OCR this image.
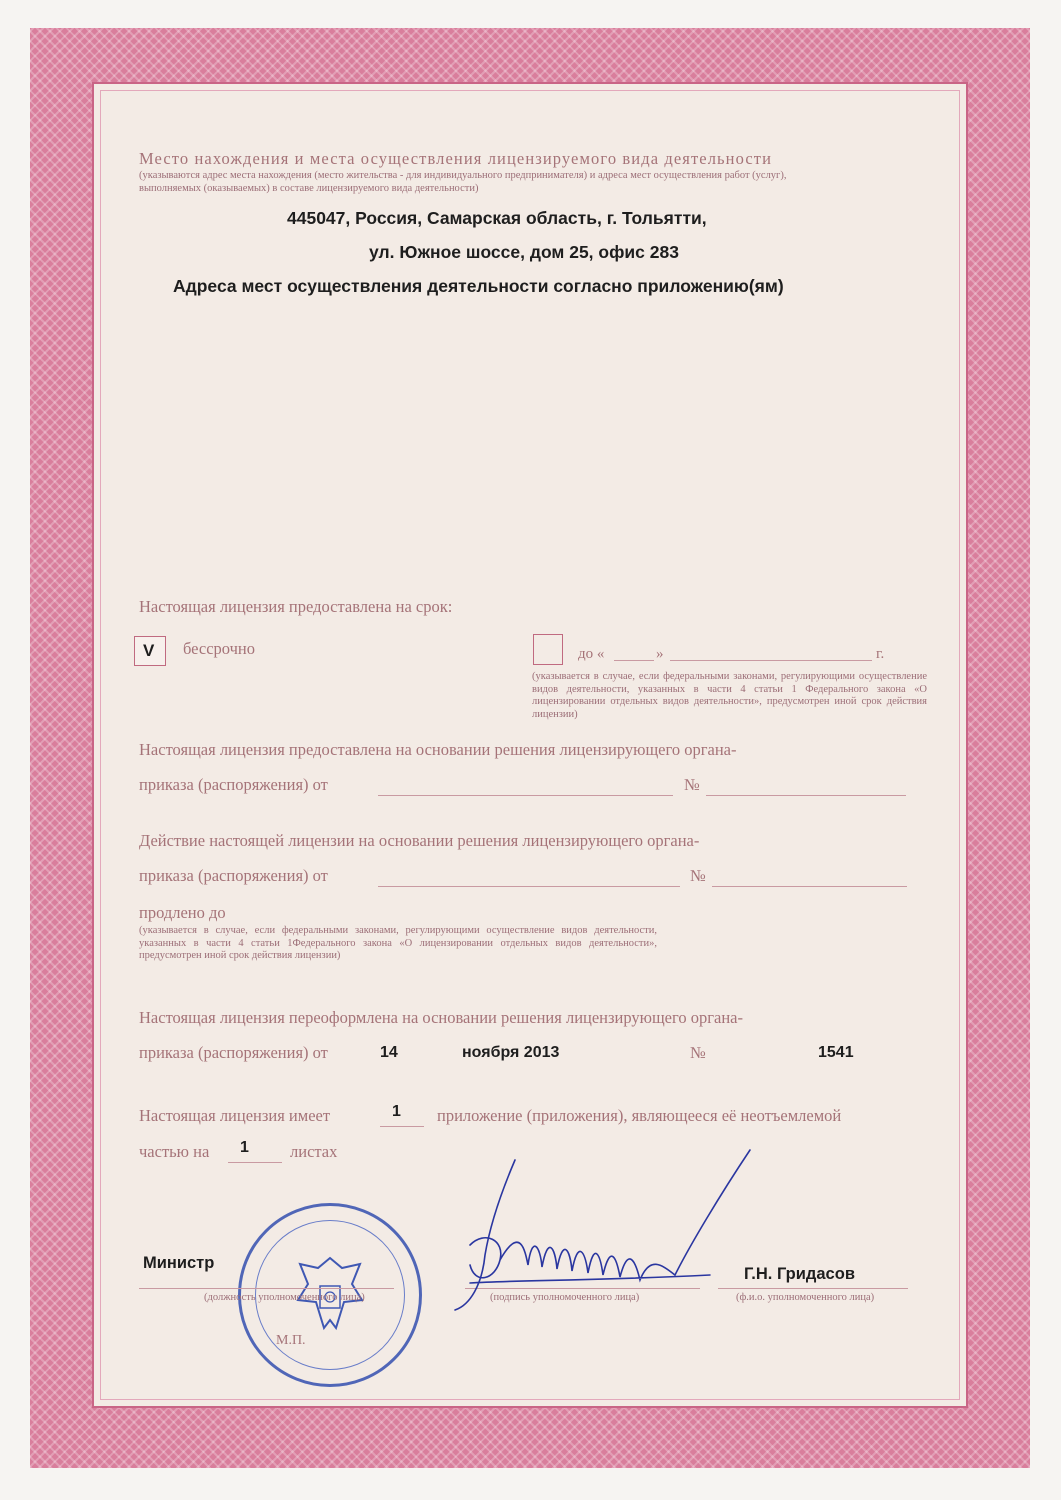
Место нахождения и места осуществления лицензируемого вида деятельности
(указываются адрес места нахождения (место жительства - для индивидуального предпринимателя) и адреса мест осуществления работ (услуг),
выполняемых (оказываемых) в составе лицензируемого вида деятельности)
445047, Россия, Самарская область, г. Тольятти,
ул. Южное шоссе, дом 25, офис 283
Адреса мест осуществления деятельности согласно приложению(ям)
Настоящая лицензия предоставлена на срок:
V бессрочно	до «	»	г.
(указывается в случае, если федеральными законами, регулирующими осуществление видов деятельности, указанных в части 4 статьи 1 Федерального закона «О лицензировании отдельных видов деятельности», предусмотрен иной срок действия лицензии)
Настоящая лицензия предоставлена на основании решения лицензирующего органа-
приказа (распоряжения) от	№
Действие настоящей лицензии на основании решения лицензирующего органа-
приказа (распоряжения) от	№
продлено до
(указывается в случае, если федеральными законами, регулирующими осуществление видов деятельности, указанных в части 4 статьи 1Федерального закона «О лицензировании отдельных видов деятельности», предусмотрен иной срок действия лицензии)
Настоящая лицензия переоформлена на основании решения лицензирующего органа-
приказа (распоряжения) от	14	ноября 2013	№	1541
Настоящая лицензия имеет	1 приложение (приложения), являющееся её неотъемлемой
частью на 1 листах
Министр
(должность уполномоченного лица)	(подпись уполномоченного лица)
Г.Н. Гридасов
(ф.и.о. уполномоченного лица)
М.П.
